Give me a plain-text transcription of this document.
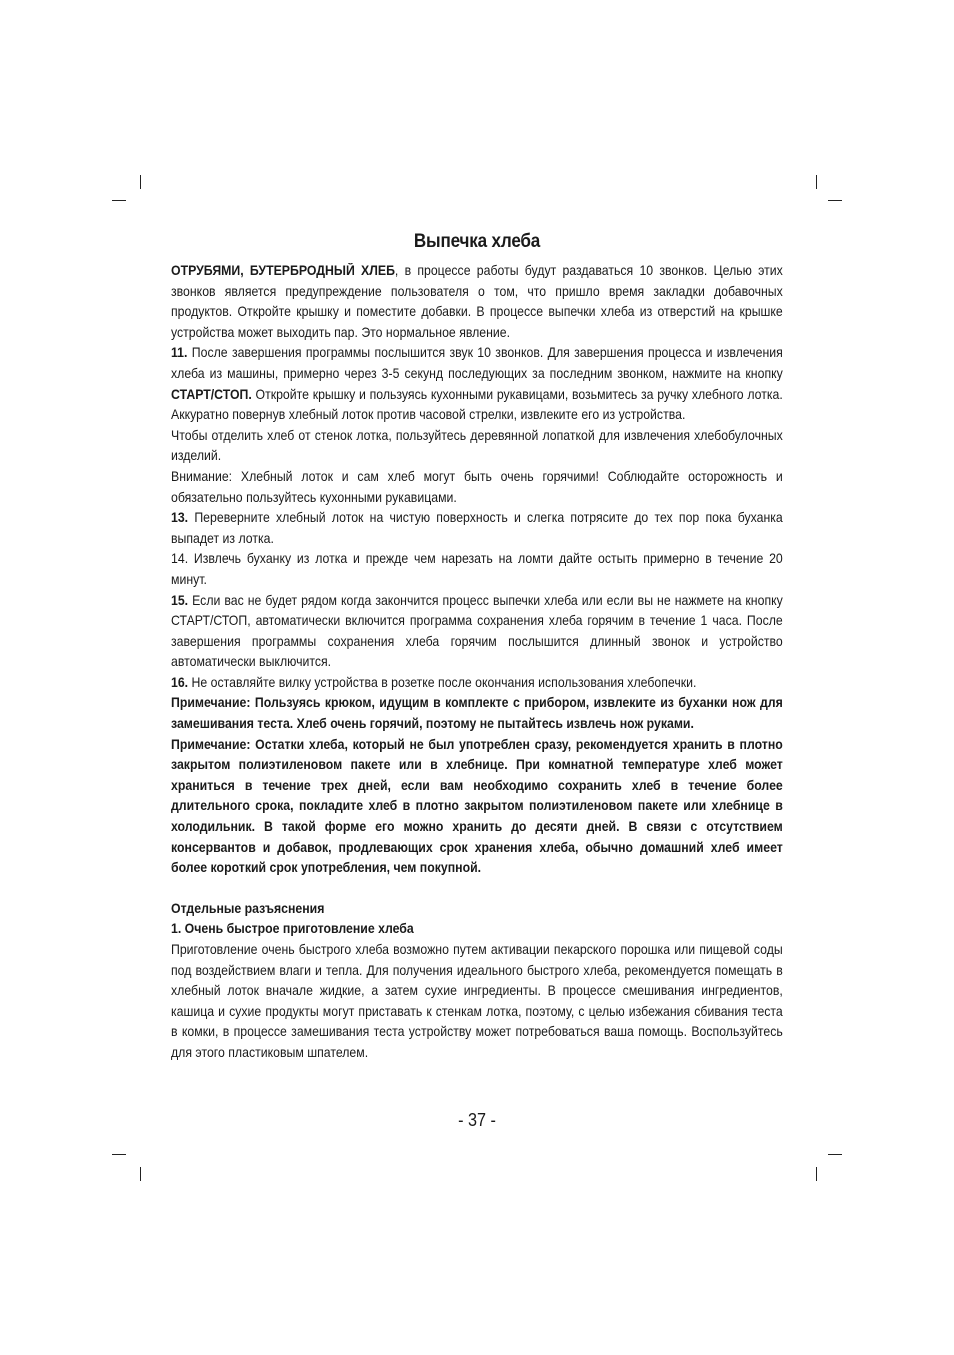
Выпечка хлеба

ОТРУБЯМИ, БУТЕРБРОДНЫЙ ХЛЕБ, в процессе работы будут раздаваться 10 звонков. Целью этих звонков является предупреждение пользователя о том, что пришло время закладки добавочных продуктов. Откройте крышку и поместите добавки. В процессе выпечки хлеба из отверстий на крышке устройства может выходить пар. Это нормальное явление.

11. После завершения программы послышится звук 10 звонков. Для завершения процесса и извлечения хлеба из машины, примерно через 3-5 секунд последующих за последним звонком, нажмите на кнопку СТАРТ/СТОП. Откройте крышку и пользуясь кухонными рукавицами, возьмитесь за ручку хлебного лотка. Аккуратно повернув хлебный лоток против часовой стрелки, извлеките его из устройства.

Чтобы отделить хлеб от стенок лотка, пользуйтесь деревянной лопаткой для извлечения хлебобулочных изделий.

Внимание: Хлебный лоток и сам хлеб могут быть очень горячими! Соблюдайте осторожность и обязательно пользуйтесь кухонными рукавицами.

13. Переверните хлебный лоток на чистую поверхность и слегка потрясите до тех пор пока буханка выпадет из лотка.

14. Извлечь буханку из лотка и прежде чем нарезать на ломти дайте остыть примерно в течение 20 минут.

15. Если вас не будет рядом когда закончится процесс выпечки хлеба или если вы не нажмете на кнопку СТАРТ/СТОП, автоматически включится программа сохранения хлеба горячим в течение 1 часа. После завершения программы сохранения хлеба горячим послышится длинный звонок и устройство автоматически выключится.

16. Не оставляйте вилку устройства в розетке после окончания использования хлебопечки.

Примечание: Пользуясь крюком, идущим в комплекте с прибором, извлеките из буханки нож для замешивания теста. Хлеб очень горячий, поэтому не пытайтесь извлечь нож руками.

Примечание: Остатки хлеба, который не был употреблен сразу, рекомендуется хранить в плотно закрытом полиэтиленовом пакете или в хлебнице. При комнатной температуре хлеб может храниться в течение трех дней, если вам необходимо сохранить хлеб в течение более длительного срока, покладите хлеб в плотно закрытом полиэтиленовом пакете или хлебнице в холодильник. В такой форме его можно хранить до десяти дней. В связи с отсутствием консервантов и добавок, продлевающих срок хранения хлеба, обычно домашний хлеб имеет более короткий срок употребления, чем покупной.

Отдельные разъяснения

1. Очень быстрое приготовление хлеба

Приготовление очень быстрого хлеба возможно путем активации пекарского порошка или пищевой соды под воздействием влаги и тепла. Для получения идеального быстрого хлеба, рекомендуется помещать в хлебный лоток вначале жидкие, а затем сухие ингредиенты. В процессе смешивания ингредиентов, кашица и сухие продукты могут приставать к стенкам лотка, поэтому, с целью избежания сбивания теста в комки, в процессе замешивания теста устройству может потребоваться ваша помощь. Воспользуйтесь для этого пластиковым шпателем.

- 37 -
